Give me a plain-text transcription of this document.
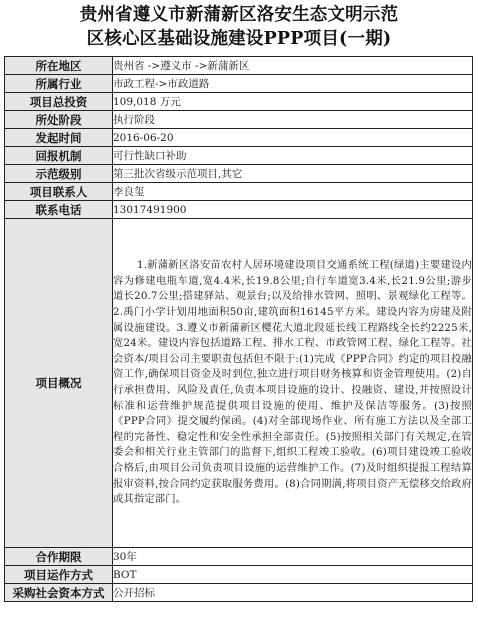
贵州省遵义市新蒲新区洛安生态文明示范
区核心区基础设施建设PPP项目(一期)
所在地区	贵州省 ->遵义市 ->新蒲新区
所属行业	市政工程->市政道路
项目总投资	109,018 万元
所处阶段	执行阶段
发起时间	2016-06-20
回报机制	可行性缺口补助
示范级别	第三批次省级示范项目,其它
项目联系人	李良玺
联系电话	13017491900
项目概况	1.新蒲新区洛安苗农村人居环境建设项目交通系统工程(绿道)主要建设内容为修建电瓶车道,宽4.4米,长19.8公里;自行车道宽3.4米,长21.9公里;游步道长20.7公里;搭建驿站、观景台;以及给排水管网、照明、景观绿化工程等。2.禹门小学计划用地面积50亩,建筑面积16145平方米。建设内容为房建及附属设施建设。3.遵义市新蒲新区樱花大道北段延长线工程路线全长约2225米,宽24米。建设内容包括道路工程、排水工程、市政管网工程、绿化工程等。社会资本/项目公司主要职责包括但不限于:(1)完成《PPP合同》约定的项目投融资工作,确保项目资金及时到位,独立进行项目财务核算和资金管理使用。(2)自行承担费用、风险及責任,负责本项目设施的设计、投融资、建设,并按照设计标准和运营维护规范提供项目设施的使用、维护及保洁等服务。(3)按照《PPP合同》提交履约保函。(4)对全部现场作业、所有施工方法以及全部工程的完备性、稳定性和安全性承担全部责任。(5)按照相关部门有关规定,在管委会和相关行业主管部门的监督下,组织工程竣工验收。(6)项目建设竣工验收合格后,由项目公司负责项目设施的运营维护工作。(7)及时组织提报工程结算报审资料,按合同约定获取服务费用。(8)合同期满,将项目资产无偿移交给政府或其指定部门。
合作期限	30年
项目运作方式	BOT
采购社会资本方式	公开招标
